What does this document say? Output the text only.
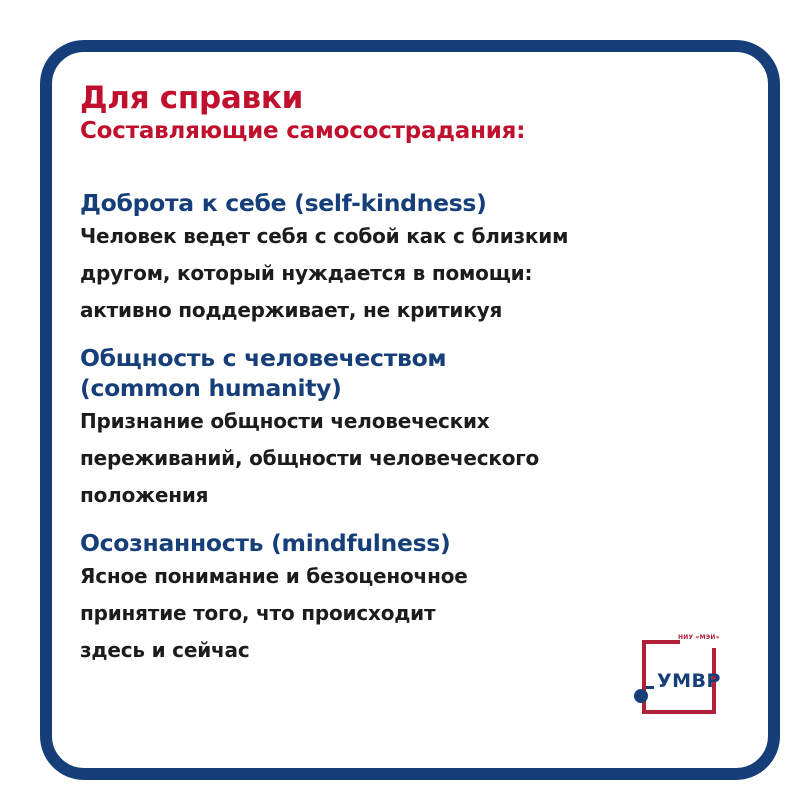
Для справки
Составляющие самосострадания:
Доброта к себе (self-kindness)

Человек ведет себя с собой как с близким
другом, который нуждается в помощи:
активно поддерживает, не критикуя

Общность с человечеством
(common humanity)

Признание общности человеческих
переживаний, общности человеческого
положения

Осознанность (mindfulness)

Ясное понимание и безоценочное
принятие того, что происходит
здесь и сейчас

НИУ «МЭИ»
УМВР
